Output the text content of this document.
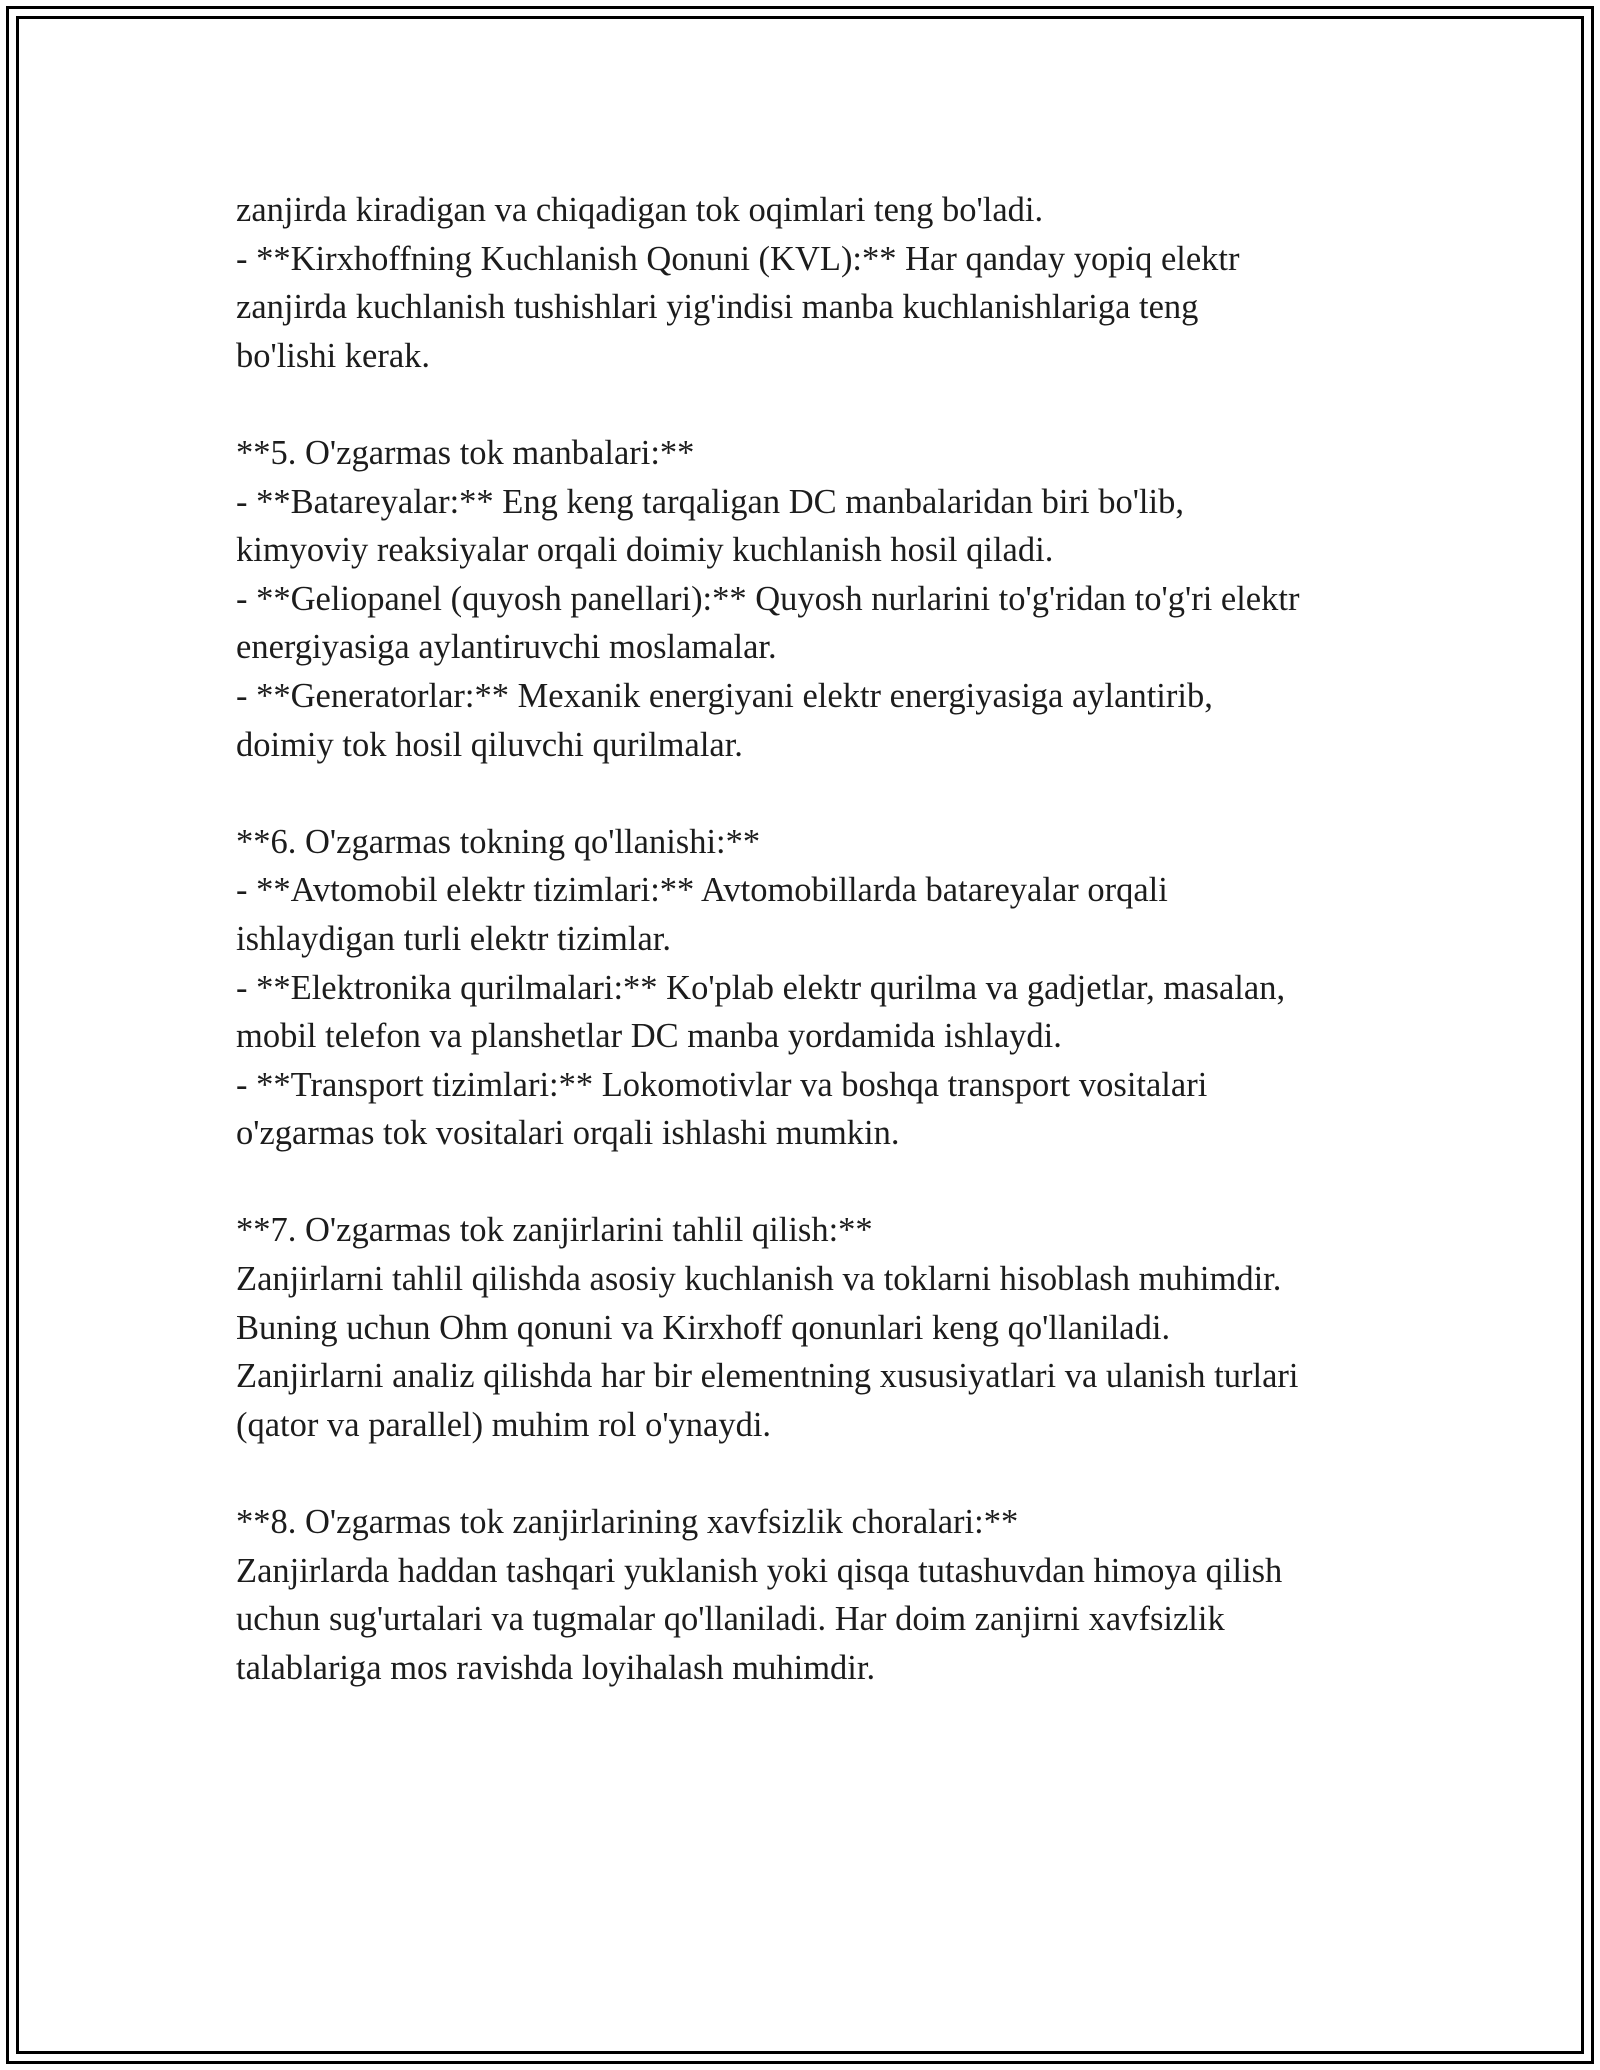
zanjirda kiradigan va chiqadigan tok oqimlari teng bo'ladi.
- **Kirxhoffning Kuchlanish Qonuni (KVL):** Har qanday yopiq elektr
zanjirda kuchlanish tushishlari yig'indisi manba kuchlanishlariga teng
bo'lishi kerak.
**5. O'zgarmas tok manbalari:**
- **Batareyalar:** Eng keng tarqaligan DC manbalaridan biri bo'lib,
kimyoviy reaksiyalar orqali doimiy kuchlanish hosil qiladi.
- **Geliopanel (quyosh panellari):** Quyosh nurlarini to'g'ridan to'g'ri elektr
energiyasiga aylantiruvchi moslamalar.
- **Generatorlar:** Mexanik energiyani elektr energiyasiga aylantirib,
doimiy tok hosil qiluvchi qurilmalar.
**6. O'zgarmas tokning qo'llanishi:**
- **Avtomobil elektr tizimlari:** Avtomobillarda batareyalar orqali
ishlaydigan turli elektr tizimlar.
- **Elektronika qurilmalari:** Ko'plab elektr qurilma va gadjetlar, masalan,
mobil telefon va planshetlar DC manba yordamida ishlaydi.
- **Transport tizimlari:** Lokomotivlar va boshqa transport vositalari
o'zgarmas tok vositalari orqali ishlashi mumkin.
**7. O'zgarmas tok zanjirlarini tahlil qilish:**
Zanjirlarni tahlil qilishda asosiy kuchlanish va toklarni hisoblash muhimdir.
Buning uchun Ohm qonuni va Kirxhoff qonunlari keng qo'llaniladi.
Zanjirlarni analiz qilishda har bir elementning xususiyatlari va ulanish turlari
(qator va parallel) muhim rol o'ynaydi.
**8. O'zgarmas tok zanjirlarining xavfsizlik choralari:**
Zanjirlarda haddan tashqari yuklanish yoki qisqa tutashuvdan himoya qilish
uchun sug'urtalari va tugmalar qo'llaniladi. Har doim zanjirni xavfsizlik
talablariga mos ravishda loyihalash muhimdir.
